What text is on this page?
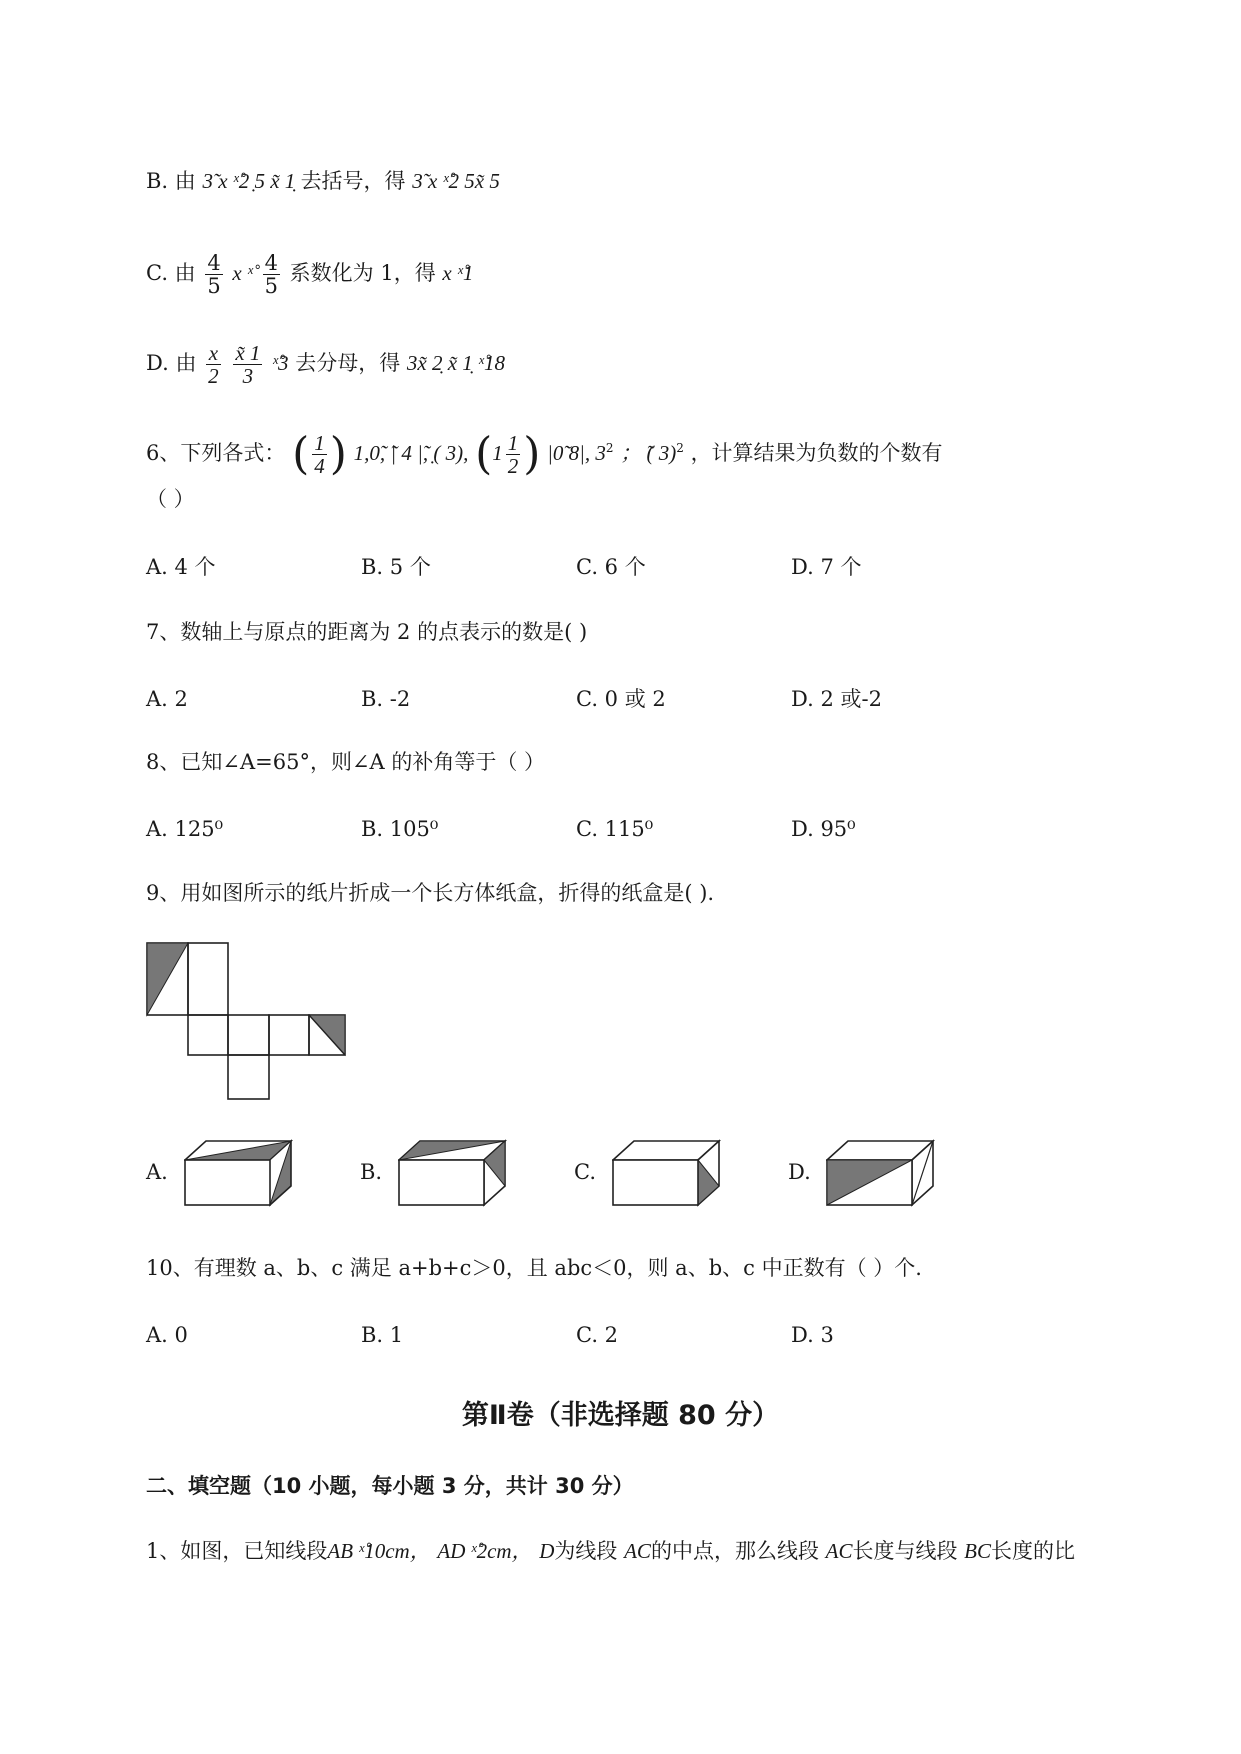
B. 由 3̃ x ˣ̊2 ̣5 x̃ 1̣ 去括号，得 3̃ x ˣ̊2 5x̃ 5
C. 由 $\frac{4}{5}$ x ˣ̊ $\frac{4}{5}$ 系数化为 1，得 x ˣ̊1
D. 由 $\frac{x}{2}$
$\frac{x̃ 1}{3}$ ˣ̊3 去分母，得 3x̃ 2̣ x̃ 1̣ ˣ̊18
6、下列各式： ( $\frac{1}{4}$ ) 1,0̃, ̃| 4 |̃, ̣( 3), ($1 \frac{1}{2}$ ) |0̃ 8|, $3^2$ ； ̃( 3)$^2$ ，计算结果为负数的个数有
（ ）
A. 4 个	B. 5 个	C. 6 个	D. 7 个
7、数轴上与原点的距离为 2 的点表示的数是( )
A. 2	B. -2	C. 0 或 2	D. 2 或-2
8、已知∠A=65°，则∠A 的补角等于（ ）
A. 125⁰	B. 105⁰	C. 115⁰	D. 95⁰
9、用如图所示的纸片折成一个长方体纸盒，折得的纸盒是( ).
A.	B.	C.	D.
10、有理数 a、b、c 满足 a+b+c＞0，且 abc＜0，则 a、b、c 中正数有（ ）个.
A. 0	B. 1	C. 2	D. 3
第Ⅱ卷（非选择题 80 分）
二、填空题（10 小题，每小题 3 分，共计 30 分）
1、如图，已知线段AB ˣ̊10cm， AD ˣ̊2cm， D为线段 AC的中点，那么线段 AC长度与线段 BC长度的比
